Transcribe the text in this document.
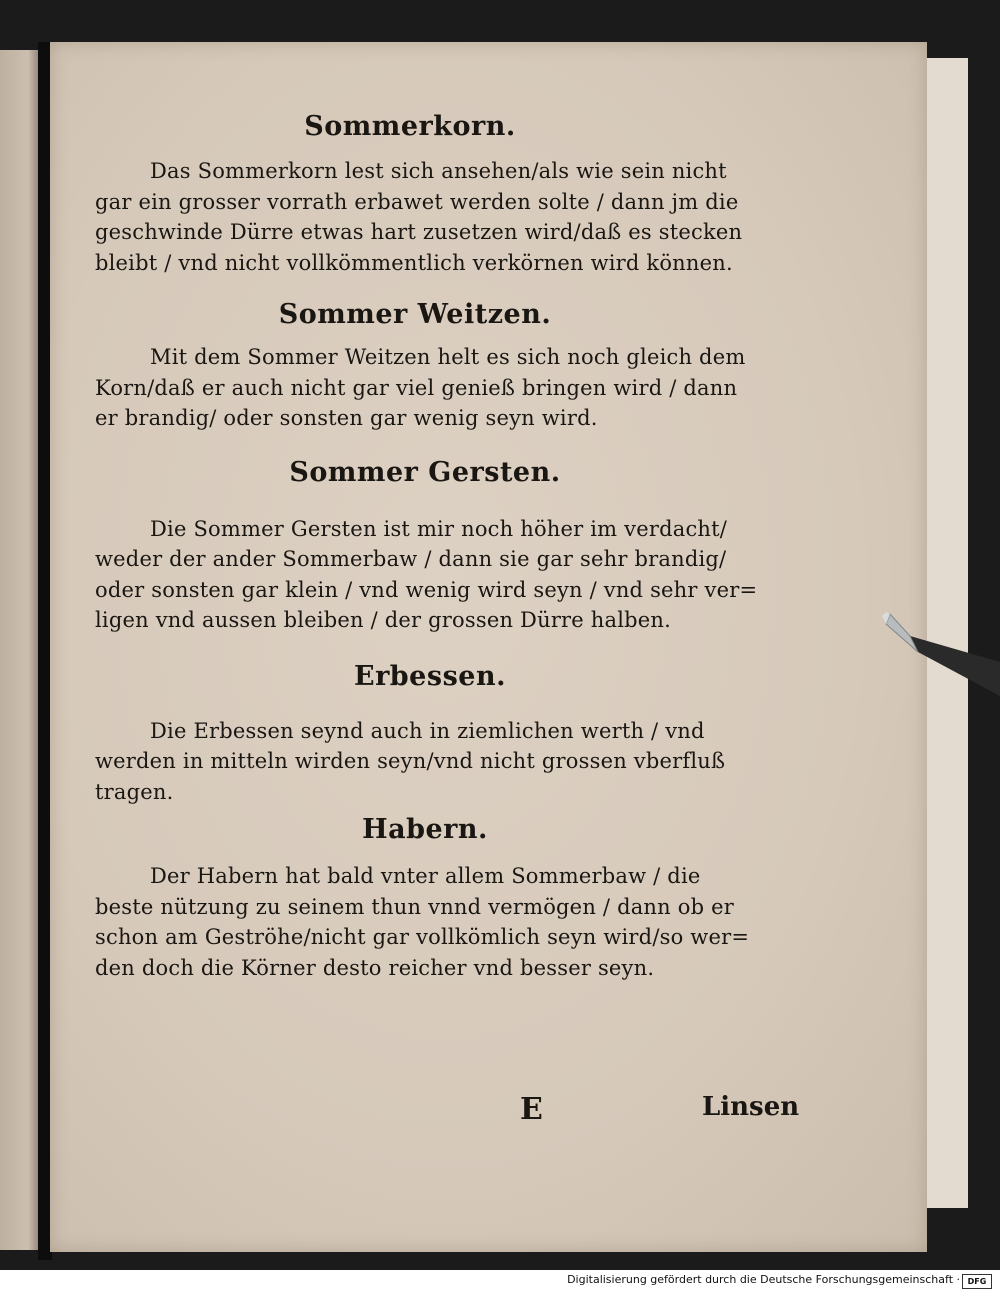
Sommerkorn.

Das Sommerkorn lest sich ansehen/als wie sein nicht
gar ein grosser vorrath erbawet werden solte / dann jm die
geschwinde Dürre etwas hart zusetzen wird/daß es stecken
bleibt / vnd nicht vollkömmentlich verkörnen wird können.

Sommer Weitzen.

Mit dem Sommer Weitzen helt es sich noch gleich dem
Korn/daß er auch nicht gar viel genieß bringen wird / dann
er brandig/ oder sonsten gar wenig seyn wird.

Sommer Gersten.

Die Sommer Gersten ist mir noch höher im verdacht/
weder der ander Sommerbaw / dann sie gar sehr brandig/
oder sonsten gar klein / vnd wenig wird seyn / vnd sehr ver=
ligen vnd aussen bleiben / der grossen Dürre halben.

Erbessen.

Die Erbessen seynd auch in ziemlichen werth / vnd
werden in mitteln wirden seyn/vnd nicht grossen vberfluß
tragen.

Habern.

Der Habern hat bald vnter allem Sommerbaw / die
beste nützung zu seinem thun vnnd vermögen / dann ob er
schon am Geströhe/nicht gar vollkömlich seyn wird/so wer=
den doch die Körner desto reicher vnd besser seyn.

E	Linsen
Digitalisierung gefördert durch die Deutsche Forschungsgemeinschaft · DFG
